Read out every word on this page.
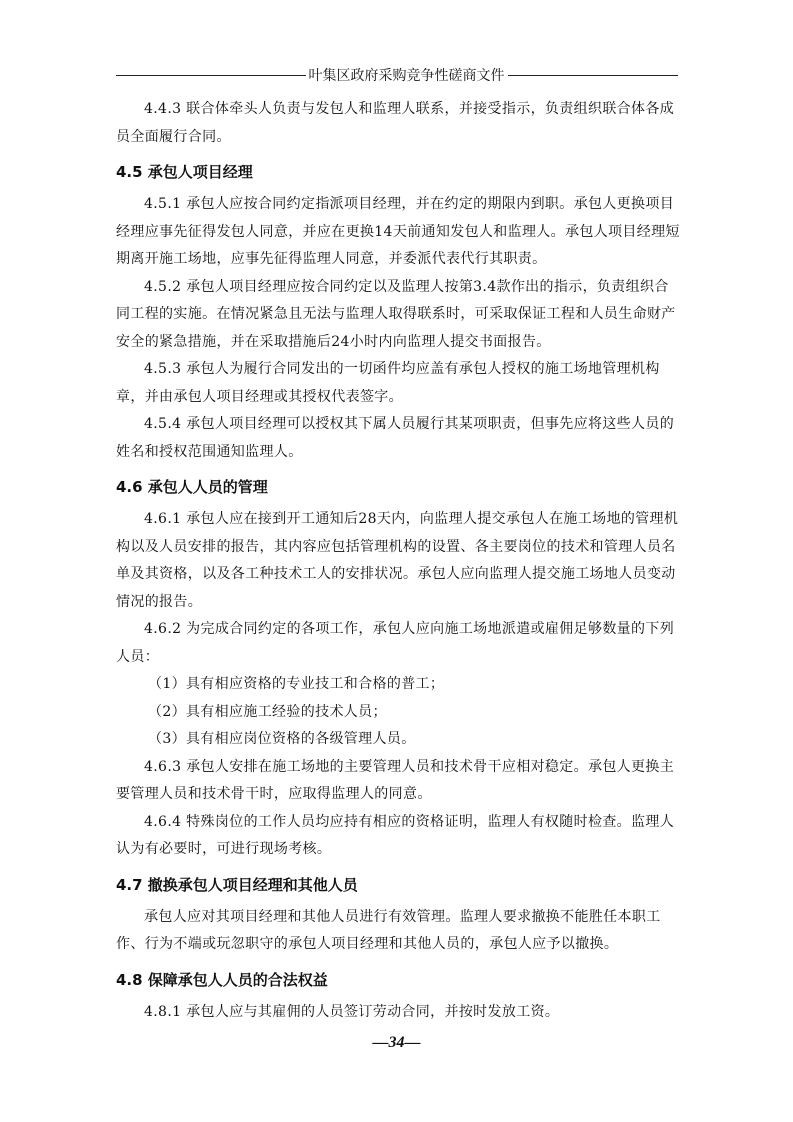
叶集区政府采购竞争性磋商文件

4.4.3 联合体牵头人负责与发包人和监理人联系，并接受指示，负责组织联合体各成员全面履行合同。

4.5 承包人项目经理

4.5.1 承包人应按合同约定指派项目经理，并在约定的期限内到职。承包人更换项目经理应事先征得发包人同意，并应在更换14天前通知发包人和监理人。承包人项目经理短期离开施工场地，应事先征得监理人同意，并委派代表代行其职责。

4.5.2 承包人项目经理应按合同约定以及监理人按第3.4款作出的指示，负责组织合同工程的实施。在情况紧急且无法与监理人取得联系时，可采取保证工程和人员生命财产安全的紧急措施，并在采取措施后24小时内向监理人提交书面报告。

4.5.3 承包人为履行合同发出的一切函件均应盖有承包人授权的施工场地管理机构章，并由承包人项目经理或其授权代表签字。

4.5.4 承包人项目经理可以授权其下属人员履行其某项职责，但事先应将这些人员的姓名和授权范围通知监理人。

4.6 承包人人员的管理

4.6.1 承包人应在接到开工通知后28天内，向监理人提交承包人在施工场地的管理机构以及人员安排的报告，其内容应包括管理机构的设置、各主要岗位的技术和管理人员名单及其资格，以及各工种技术工人的安排状况。承包人应向监理人提交施工场地人员变动情况的报告。

4.6.2 为完成合同约定的各项工作，承包人应向施工场地派遣或雇佣足够数量的下列人员：

（1）具有相应资格的专业技工和合格的普工；

（2）具有相应施工经验的技术人员；

（3）具有相应岗位资格的各级管理人员。

4.6.3 承包人安排在施工场地的主要管理人员和技术骨干应相对稳定。承包人更换主要管理人员和技术骨干时，应取得监理人的同意。

4.6.4 特殊岗位的工作人员均应持有相应的资格证明，监理人有权随时检查。监理人认为有必要时，可进行现场考核。

4.7 撤换承包人项目经理和其他人员

承包人应对其项目经理和其他人员进行有效管理。监理人要求撤换不能胜任本职工作、行为不端或玩忽职守的承包人项目经理和其他人员的，承包人应予以撤换。

4.8 保障承包人人员的合法权益

4.8.1 承包人应与其雇佣的人员签订劳动合同，并按时发放工资。

—34—
